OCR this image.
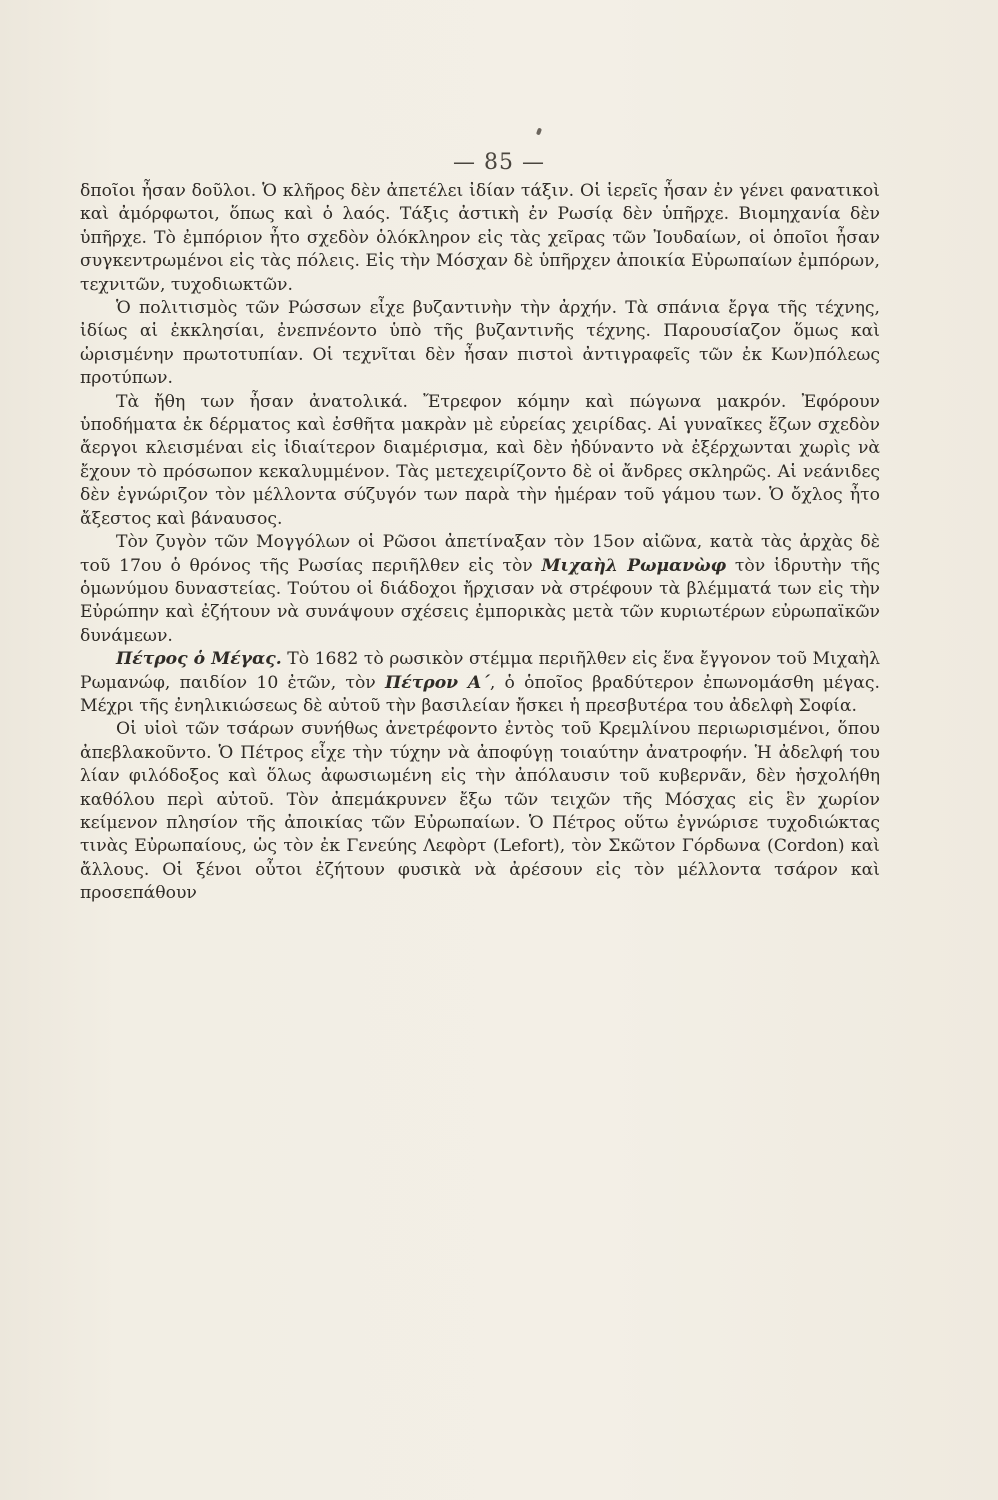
— 85 —

δποῖοι ἦσαν δοῦλοι. Ὁ κλῆρος δὲν ἀπετέλει ἰδίαν τάξιν. Οἱ ἱερεῖς ἦσαν ἐν γένει φανατικοὶ καὶ ἀμόρφωτοι, ὅπως καὶ ὁ λαός. Τάξις ἀστικὴ ἐν Ρωσίᾳ δὲν ὑπῆρχε. Βιομηχανία δὲν ὑπῆρχε. Τὸ ἐμπόριον ἦτο σχεδὸν ὁλόκληρον εἰς τὰς χεῖρας τῶν Ἰουδαίων, οἱ ὁποῖοι ἦσαν συγκεντρωμένοι εἰς τὰς πόλεις. Εἰς τὴν Μόσχαν δὲ ὑπῆρχεν ἀποικία Εὐρωπαίων ἐμπόρων, τεχνιτῶν, τυχοδιωκτῶν.

Ὁ πολιτισμὸς τῶν Ρώσσων εἶχε βυζαντινὴν τὴν ἀρχήν. Τὰ σπάνια ἔργα τῆς τέχνης, ἰδίως αἱ ἐκκλησίαι, ἐνεπνέοντο ὑπὸ τῆς βυζαντινῆς τέχνης. Παρουσίαζον ὅμως καὶ ὡρισμένην πρωτοτυπίαν. Οἱ τεχνῖται δὲν ἦσαν πιστοὶ ἀντιγραφεῖς τῶν ἐκ Κων)πόλεως προτύπων.

Τὰ ἤθη των ἦσαν ἀνατολικά. Ἔτρεφον κόμην καὶ πώγωνα μακρόν. Ἐφόρουν ὑποδήματα ἐκ δέρματος καὶ ἐσθῆτα μακρὰν μὲ εὐρείας χειρίδας. Αἱ γυναῖκες ἔζων σχεδὸν ἄεργοι κλεισμέναι εἰς ἰδιαίτερον διαμέρισμα, καὶ δὲν ἠδύναντο νὰ ἐξέρχωνται χωρὶς νὰ ἔχουν τὸ πρόσωπον κεκαλυμμένον. Τὰς μετεχειρίζοντο δὲ οἱ ἄνδρες σκληρῶς. Αἱ νεάνιδες δὲν ἐγνώριζον τὸν μέλλοντα σύζυγόν των παρὰ τὴν ἡμέραν τοῦ γάμου των. Ὁ ὄχλος ἦτο ἄξεστος καὶ βάναυσος.

Τὸν ζυγὸν τῶν Μογγόλων οἱ Ρῶσοι ἀπετίναξαν τὸν 15ον αἰῶνα, κατὰ τὰς ἀρχὰς δὲ τοῦ 17ου ὁ θρόνος τῆς Ρωσίας περιῆλθεν εἰς τὸν Μιχαὴλ Ρωμανὼφ τὸν ἱδρυτὴν τῆς ὁμωνύμου δυναστείας. Τούτου οἱ διάδοχοι ἤρχισαν νὰ στρέφουν τὰ βλέμματά των εἰς τὴν Εὐρώπην καὶ ἐζήτουν νὰ συνάψουν σχέσεις ἐμπορικὰς μετὰ τῶν κυριωτέρων εὐρωπαϊκῶν δυνάμεων.

Πέτρος ὁ Μέγας. Τὸ 1682 τὸ ρωσικὸν στέμμα περιῆλθεν εἰς ἕνα ἔγγονον τοῦ Μιχαὴλ Ρωμανώφ, παιδίον 10 ἐτῶν, τὸν Πέτρον Α΄, ὁ ὁποῖος βραδύτερον ἐπωνομάσθη μέγας. Μέχρι τῆς ἐνηλικιώσεως δὲ αὐτοῦ τὴν βασιλείαν ἤσκει ἡ πρεσβυτέρα του ἀδελφὴ Σοφία.

Οἱ υἱοὶ τῶν τσάρων συνήθως ἀνετρέφοντο ἐντὸς τοῦ Κρεμλίνου περιωρισμένοι, ὅπου ἀπεβλακοῦντο. Ὁ Πέτρος εἶχε τὴν τύχην νὰ ἀποφύγῃ τοιαύτην ἀνατροφήν. Ἡ ἀδελφή του λίαν φιλόδοξος καὶ ὅλως ἀφωσιωμένη εἰς τὴν ἀπόλαυσιν τοῦ κυβερνᾶν, δὲν ἠσχολήθη καθόλου περὶ αὐτοῦ. Τὸν ἀπεμάκρυνεν ἔξω τῶν τειχῶν τῆς Μόσχας εἰς ἓν χωρίον κείμενον πλησίον τῆς ἀποικίας τῶν Εὐρωπαίων. Ὁ Πέτρος οὕτω ἐγνώρισε τυχοδιώκτας τινὰς Εὐρωπαίους, ὡς τὸν ἐκ Γενεύης Λεφὸρτ (Lefort), τὸν Σκῶτον Γόρδωνα (Cordon) καὶ ἄλλους. Οἱ ξένοι οὗτοι ἐζήτουν φυσικὰ νὰ ἀρέσουν εἰς τὸν μέλλοντα τσάρον καὶ προσεπάθουν
